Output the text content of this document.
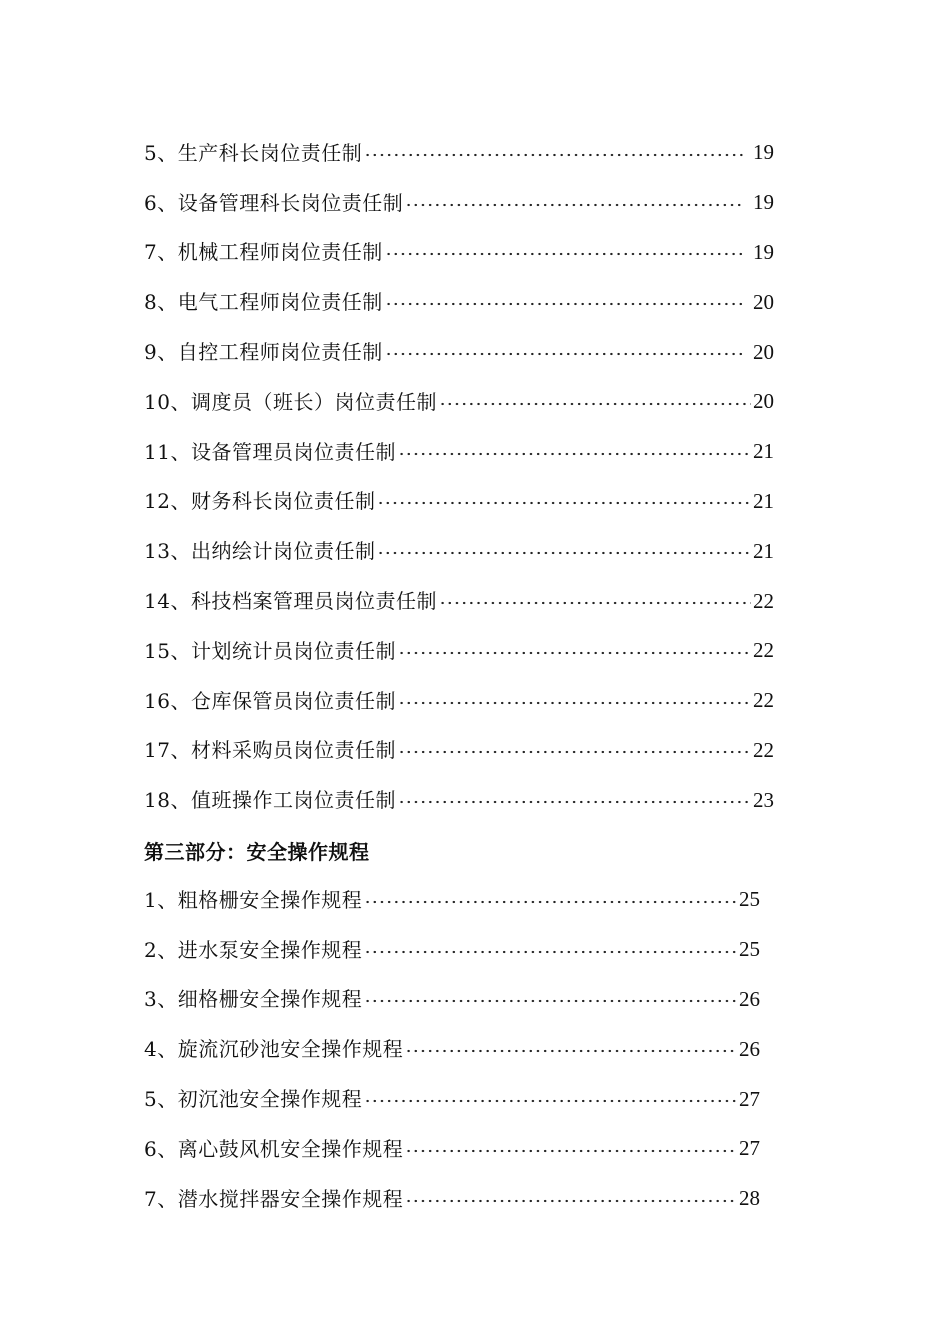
5、生产科长岗位责任制	19
6、设备管理科长岗位责任制	19
7、机械工程师岗位责任制	19
8、电气工程师岗位责任制	20
9、自控工程师岗位责任制	20
10、调度员（班长）岗位责任制	20
11、设备管理员岗位责任制	21
12、财务科长岗位责任制	21
13、出纳绘计岗位责任制	21
14、科技档案管理员岗位责任制	22
15、计划统计员岗位责任制	22
16、仓库保管员岗位责任制	22
17、材料采购员岗位责任制	22
18、值班操作工岗位责任制	23
第三部分：安全操作规程
1、粗格栅安全操作规程	25
2、进水泵安全操作规程	25
3、细格栅安全操作规程	26
4、旋流沉砂池安全操作规程	26
5、初沉池安全操作规程	27
6、离心鼓风机安全操作规程	27
7、潜水搅拌器安全操作规程	28
